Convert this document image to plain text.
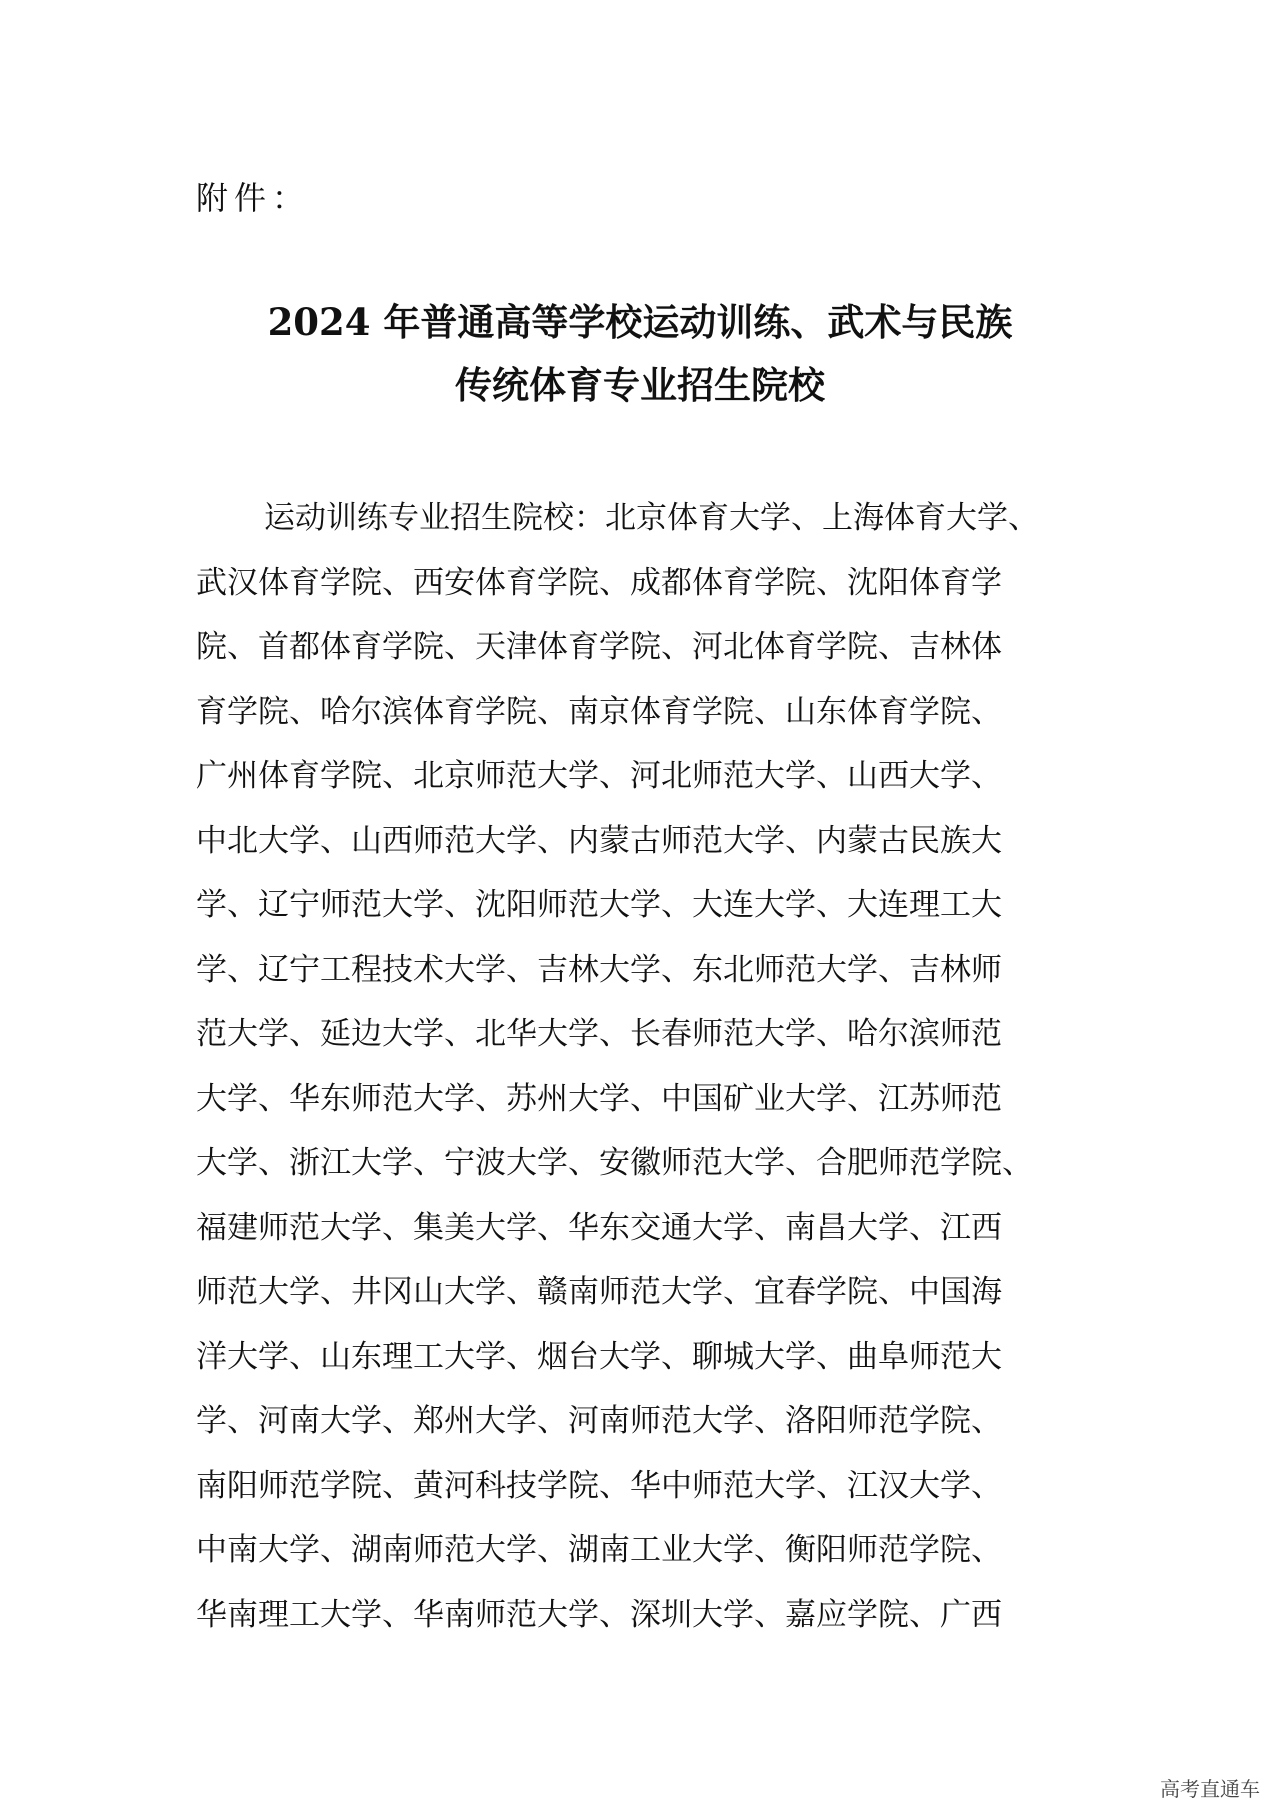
附件：
2024 年普通高等学校运动训练、武术与民族
传统体育专业招生院校
运动训练专业招生院校：北京体育大学、上海体育大学、
武汉体育学院、西安体育学院、成都体育学院、沈阳体育学
院、首都体育学院、天津体育学院、河北体育学院、吉林体
育学院、哈尔滨体育学院、南京体育学院、山东体育学院、
广州体育学院、北京师范大学、河北师范大学、山西大学、
中北大学、山西师范大学、内蒙古师范大学、内蒙古民族大
学、辽宁师范大学、沈阳师范大学、大连大学、大连理工大
学、辽宁工程技术大学、吉林大学、东北师范大学、吉林师
范大学、延边大学、北华大学、长春师范大学、哈尔滨师范
大学、华东师范大学、苏州大学、中国矿业大学、江苏师范
大学、浙江大学、宁波大学、安徽师范大学、合肥师范学院、
福建师范大学、集美大学、华东交通大学、南昌大学、江西
师范大学、井冈山大学、赣南师范大学、宜春学院、中国海
洋大学、山东理工大学、烟台大学、聊城大学、曲阜师范大
学、河南大学、郑州大学、河南师范大学、洛阳师范学院、
南阳师范学院、黄河科技学院、华中师范大学、江汉大学、
中南大学、湖南师范大学、湖南工业大学、衡阳师范学院、
华南理工大学、华南师范大学、深圳大学、嘉应学院、广西
高考直通车
